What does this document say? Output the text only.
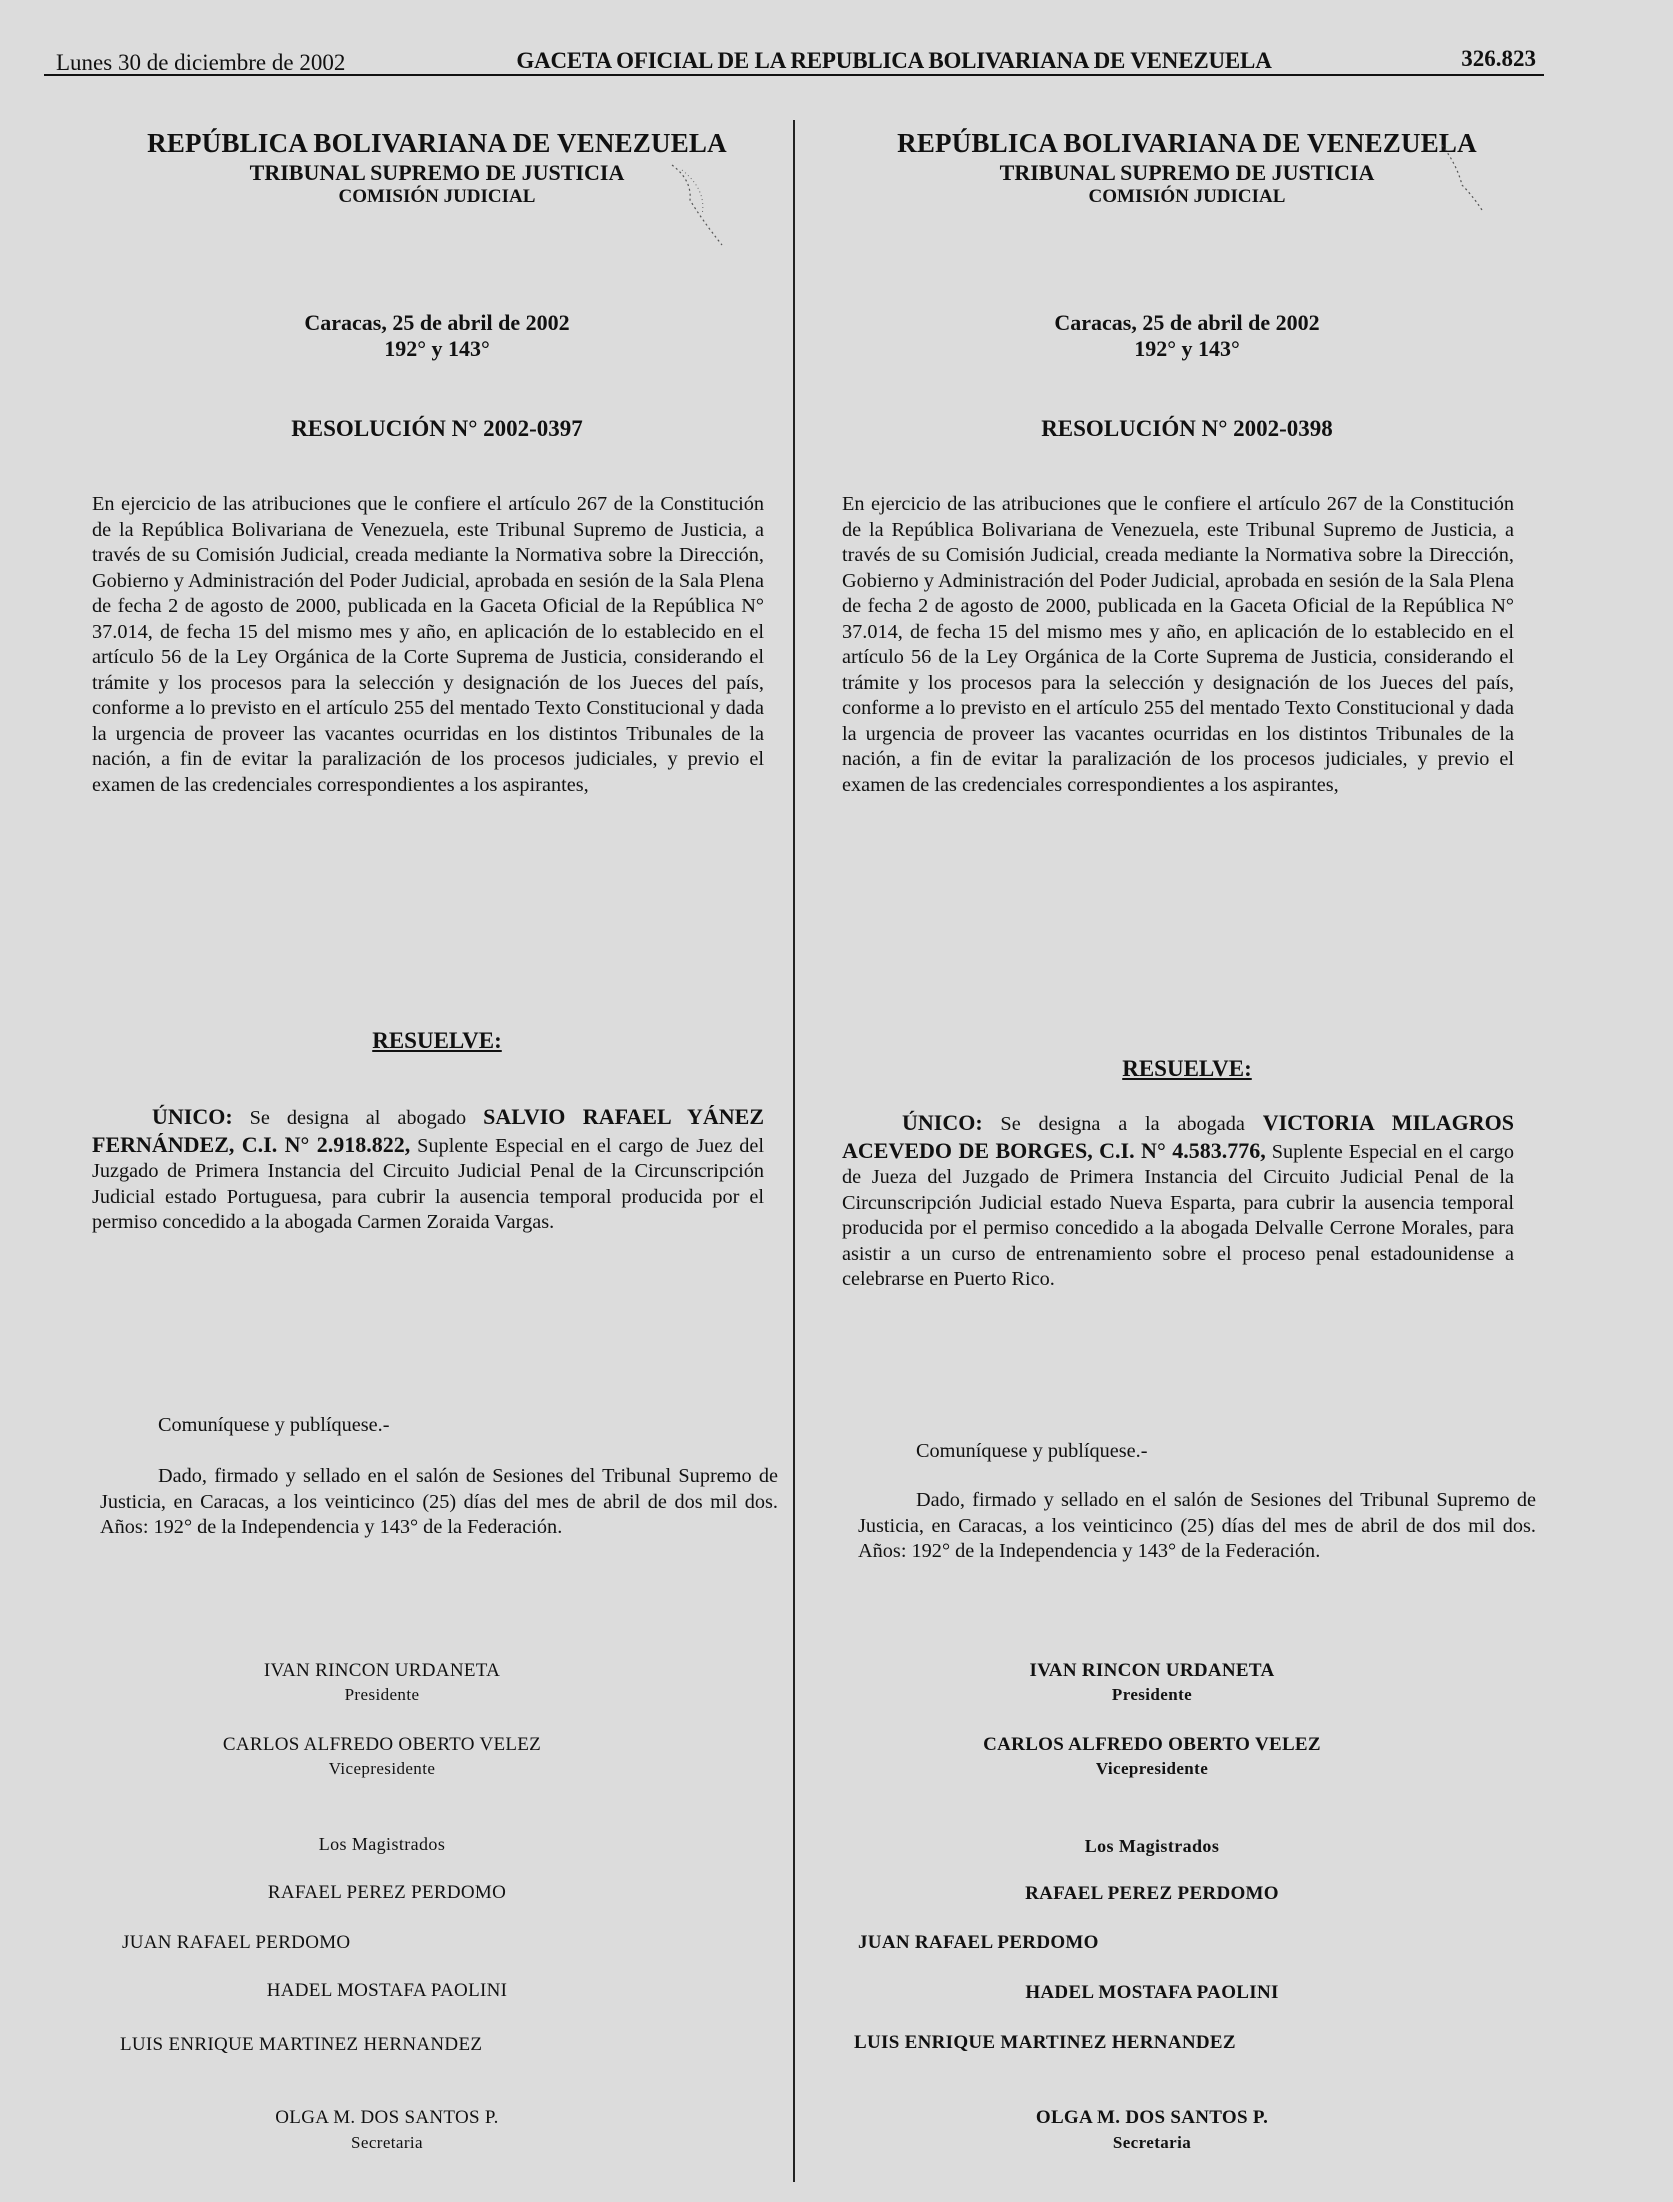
Lunes 30 de diciembre de 2002	GACETA OFICIAL DE LA REPUBLICA BOLIVARIANA DE VENEZUELA	326.823
REPÚBLICA BOLIVARIANA DE VENEZUELA
TRIBUNAL SUPREMO DE JUSTICIA
COMISIÓN JUDICIAL
Caracas, 25 de abril de 2002
192° y 143°
RESOLUCIÓN N° 2002-0397
En ejercicio de las atribuciones que le confiere el artículo 267 de la Constitución de la República Bolivariana de Venezuela, este Tribunal Supremo de Justicia, a través de su Comisión Judicial, creada mediante la Normativa sobre la Dirección, Gobierno y Administración del Poder Judicial, aprobada en sesión de la Sala Plena de fecha 2 de agosto de 2000, publicada en la Gaceta Oficial de la República N° 37.014, de fecha 15 del mismo mes y año, en aplicación de lo establecido en el artículo 56 de la Ley Orgánica de la Corte Suprema de Justicia, considerando el trámite y los procesos para la selección y designación de los Jueces del país, conforme a lo previsto en el artículo 255 del mentado Texto Constitucional y dada la urgencia de proveer las vacantes ocurridas en los distintos Tribunales de la nación, a fin de evitar la paralización de los procesos judiciales, y previo el examen de las credenciales correspondientes a los aspirantes,
RESUELVE:
ÚNICO: Se designa al abogado SALVIO RAFAEL YÁNEZ FERNÁNDEZ, C.I. N° 2.918.822, Suplente Especial en el cargo de Juez del Juzgado de Primera Instancia del Circuito Judicial Penal de la Circunscripción Judicial estado Portuguesa, para cubrir la ausencia temporal producida por el permiso concedido a la abogada Carmen Zoraida Vargas.
Comuníquese y publíquese.-
Dado, firmado y sellado en el salón de Sesiones del Tribunal Supremo de Justicia, en Caracas, a los veinticinco (25) días del mes de abril de dos mil dos. Años: 192° de la Independencia y 143° de la Federación.
IVAN RINCON URDANETA
Presidente
CARLOS ALFREDO OBERTO VELEZ
Vicepresidente
Los Magistrados
RAFAEL PEREZ PERDOMO
JUAN RAFAEL PERDOMO
HADEL MOSTAFA PAOLINI
LUIS ENRIQUE MARTINEZ HERNANDEZ
OLGA M. DOS SANTOS P.
Secretaria
REPÚBLICA BOLIVARIANA DE VENEZUELA
TRIBUNAL SUPREMO DE JUSTICIA
COMISIÓN JUDICIAL
Caracas, 25 de abril de 2002
192° y 143°
RESOLUCIÓN N° 2002-0398
En ejercicio de las atribuciones que le confiere el artículo 267 de la Constitución de la República Bolivariana de Venezuela, este Tribunal Supremo de Justicia, a través de su Comisión Judicial, creada mediante la Normativa sobre la Dirección, Gobierno y Administración del Poder Judicial, aprobada en sesión de la Sala Plena de fecha 2 de agosto de 2000, publicada en la Gaceta Oficial de la República N° 37.014, de fecha 15 del mismo mes y año, en aplicación de lo establecido en el artículo 56 de la Ley Orgánica de la Corte Suprema de Justicia, considerando el trámite y los procesos para la selección y designación de los Jueces del país, conforme a lo previsto en el artículo 255 del mentado Texto Constitucional y dada la urgencia de proveer las vacantes ocurridas en los distintos Tribunales de la nación, a fin de evitar la paralización de los procesos judiciales, y previo el examen de las credenciales correspondientes a los aspirantes,
RESUELVE:
ÚNICO: Se designa a la abogada VICTORIA MILAGROS ACEVEDO DE BORGES, C.I. N° 4.583.776, Suplente Especial en el cargo de Jueza del Juzgado de Primera Instancia del Circuito Judicial Penal de la Circunscripción Judicial estado Nueva Esparta, para cubrir la ausencia temporal producida por el permiso concedido a la abogada Delvalle Cerrone Morales, para asistir a un curso de entrenamiento sobre el proceso penal estadounidense a celebrarse en Puerto Rico.
Comuníquese y publíquese.-
Dado, firmado y sellado en el salón de Sesiones del Tribunal Supremo de Justicia, en Caracas, a los veinticinco (25) días del mes de abril de dos mil dos. Años: 192° de la Independencia y 143° de la Federación.
IVAN RINCON URDANETA
Presidente
CARLOS ALFREDO OBERTO VELEZ
Vicepresidente
Los Magistrados
RAFAEL PEREZ PERDOMO
JUAN RAFAEL PERDOMO
HADEL MOSTAFA PAOLINI
LUIS ENRIQUE MARTINEZ HERNANDEZ
OLGA M. DOS SANTOS P.
Secretaria
